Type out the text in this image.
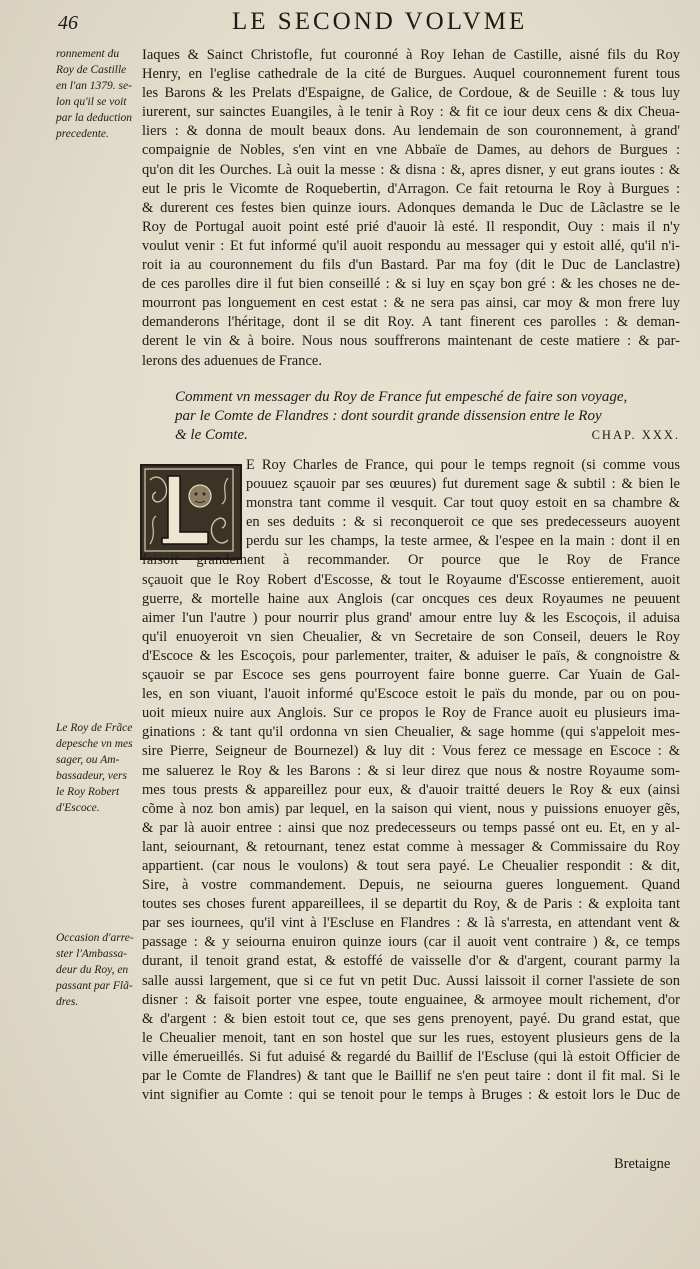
46	LE SECOND VOLVME

ronnement du

Roy de Castille

en l'an 1379. se-

lon qu'il se voit

par la deduction

precedente.

Le Roy de Frãce

depesche vn mes

sager, ou Am-

bassadeur, vers

le Roy Robert

d'Escoce.

Occasion d'arre-

ster l'Ambassa-

deur du Roy, en

passant par Flã-

dres.

Iaques & Sainct Christofle, fut couronné à Roy Iehan de Castille, aisné fils du Roy

Henry, en l'eglise cathedrale de la cité de Burgues. Auquel couronnement furent tous

les Barons & les Prelats d'Espaigne, de Galice, de Cordoue, & de Seuille : & tous luy

iurerent, sur sainctes Euangiles, à le tenir à Roy : & fit ce iour deux cens & dix Cheua-

liers : & donna de moult beaux dons. Au lendemain de son couronnement, à grand'

compaignie de Nobles, s'en vint en vne Abbaïe de Dames, au dehors de Burgues :

qu'on dit les Ourches. Là ouit la messe : & disna : &, apres disner, y eut grans ioutes : &

eut le pris le Vicomte de Roquebertin, d'Arragon. Ce fait retourna le Roy à Burgues :

& durerent ces festes bien quinze iours. Adonques demanda le Duc de Lãclastre se le

Roy de Portugal auoit point esté prié d'auoir là esté. Il respondit, Ouy : mais il n'y

voulut venir : Et fut informé qu'il auoit respondu au messager qui y estoit allé, qu'il n'i-

roit ia au couronnement du fils d'un Bastard. Par ma foy (dit le Duc de Lanclastre)

de ces parolles dire il fut bien conseillé : & si luy en sçay bon gré : & les choses ne de-

mourront pas longuement en cest estat : & ne sera pas ainsi, car moy & mon frere luy

demanderons l'héritage, dont il se dit Roy. A tant finerent ces parolles : & deman-

derent le vin & à boire. Nous nous souffrerons maintenant de ceste matiere : & par-

lerons des aduenues de France.

Comment vn messager du Roy de France fut empesché de faire son voyage,

par le Comte de Flandres : dont sourdit grande dissension entre le Roy

& le Comte.	CHAP. XXX.

E Roy Charles de France, qui pour le temps regnoit (si comme vous

pouuez sçauoir par ses œuures) fut durement sage & subtil : & bien le

monstra tant comme il vesquit. Car tout quoy estoit en sa chambre &

en ses deduits : & si reconqueroit ce que ses predecesseurs auoyent

perdu sur les champs, la teste armee, & l'espee en la main : dont il en

faisoit grandement à recommander. Or pource que le Roy de France

sçauoit que le Roy Robert d'Escosse, & tout le Royaume d'Escosse entierement, auoit

guerre, & mortelle haine aux Anglois (car oncques ces deux Royaumes ne peuuent

aimer l'un l'autre ) pour nourrir plus grand' amour entre luy & les Escoçois, il aduisa

qu'il enuoyeroit vn sien Cheualier, & vn Secretaire de son Conseil, deuers le Roy

d'Escoce & les Escoçois, pour parlementer, traiter, & aduiser le païs, & congnoistre &

sçauoir se par Escoce ses gens pourroyent faire bonne guerre. Car Yuain de Gal-

les, en son viuant, l'auoit informé qu'Escoce estoit le païs du monde, par ou on pou-

uoit mieux nuire aux Anglois. Sur ce propos le Roy de France auoit eu plusieurs ima-

ginations : & tant qu'il ordonna vn sien Cheualier, & sage homme (qui s'appeloit mes-

sire Pierre, Seigneur de Bournezel) & luy dit : Vous ferez ce message en Escoce : &

me saluerez le Roy & les Barons : & si leur direz que nous & nostre Royaume som-

mes tous prests & appareillez pour eux, & d'auoir traitté deuers le Roy & eux (ainsi

cõme à noz bon amis) par lequel, en la saison qui vient, nous y puissions enuoyer gẽs,

& par là auoir entree : ainsi que noz predecesseurs ou temps passé ont eu. Et, en y al-

lant, seiournant, & retournant, tenez estat comme à messager & Commissaire du Roy

appartient. (car nous le voulons) & tout sera payé. Le Cheualier respondit : & dit,

Sire, à vostre commandement. Depuis, ne seiourna gueres longuement. Quand

toutes ses choses furent appareillees, il se departit du Roy, & de Paris : & exploita tant

par ses iournees, qu'il vint à l'Escluse en Flandres : & là s'arresta, en attendant vent &

passage : & y seiourna enuiron quinze iours (car il auoit vent contraire ) &, ce temps

durant, il tenoit grand estat, & estoffé de vaisselle d'or & d'argent, courant parmy la

salle aussi largement, que si ce fut vn petit Duc. Aussi laissoit il corner l'assiete de son

disner : & faisoit porter vne espee, toute enguainee, & armoyee moult richement, d'or

& d'argent : & bien estoit tout ce, que ses gens prenoyent, payé. Du grand estat, que

le Cheualier menoit, tant en son hostel que sur les rues, estoyent plusieurs gens de la

ville émerueillés. Si fut aduisé & regardé du Baillif de l'Escluse (qui là estoit Officier de

par le Comte de Flandres) & tant que le Baillif ne s'en peut taire : dont il fit mal. Si le

vint signifier au Comte : qui se tenoit pour le temps à Bruges : & estoit lors le Duc de

Bretaigne
